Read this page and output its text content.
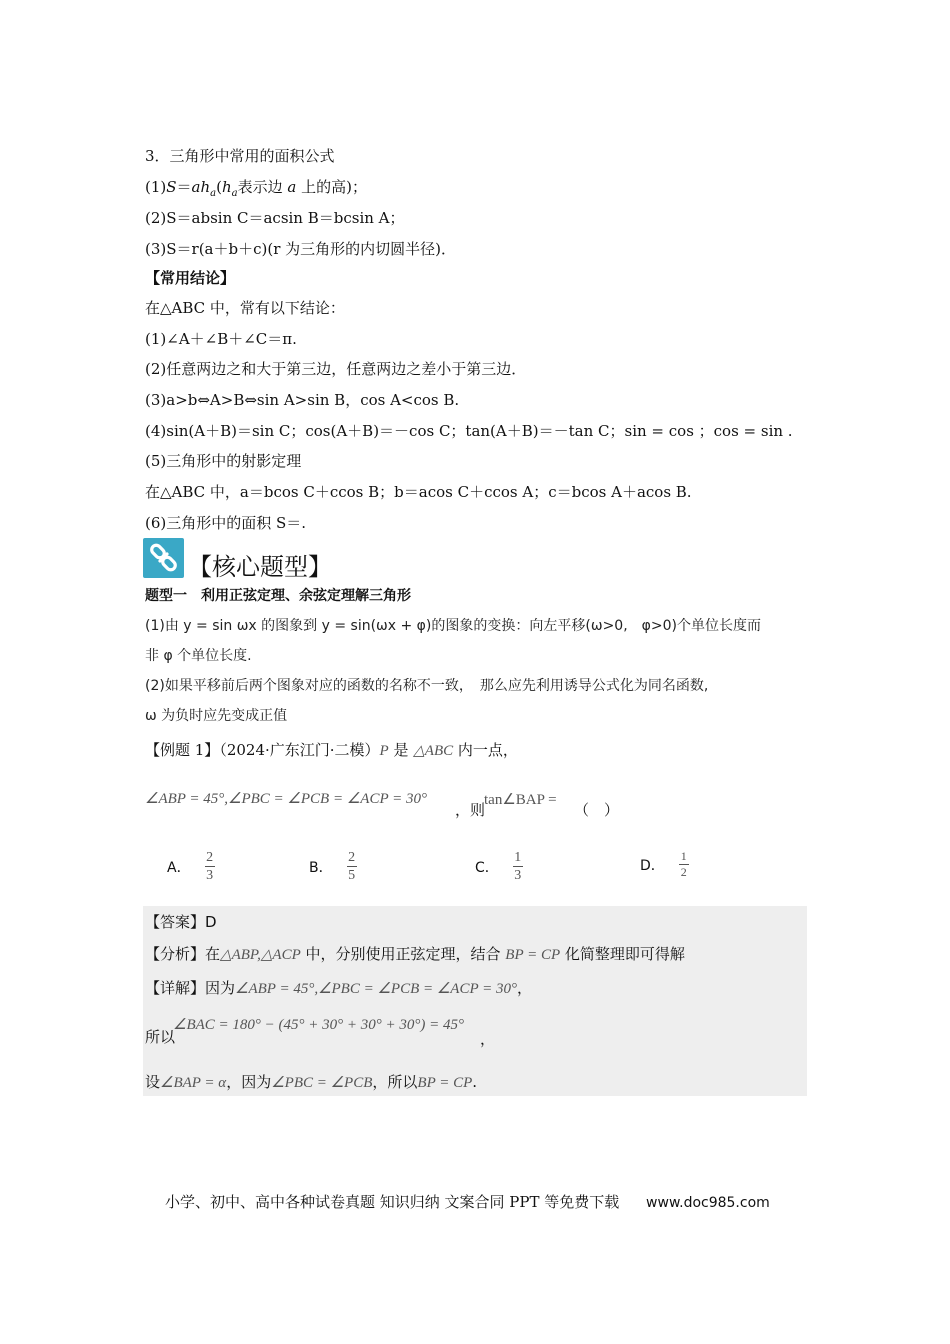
3．三角形中常用的面积公式
$(1)S=ah_a(h_a$表示边 a 上的高)；
(2)S＝absin C＝acsin B＝bcsin A；
(3)S＝r(a＋b＋c)(r 为三角形的内切圆半径)．
【常用结论】
在△ABC 中，常有以下结论：
(1)∠A＋∠B＋∠C＝π.
(2)任意两边之和大于第三边，任意两边之差小于第三边．
(3)a>b⇔A>B⇔sin A>sin B，cos A<cos B.
(4)sin(A＋B)＝sin C；cos(A＋B)＝－cos C；tan(A＋B)＝－tan C；sin = cos ；cos = sin .
(5)三角形中的射影定理
在△ABC 中，a＝bcos C＋ccos B；b＝acos C＋ccos A；c＝bcos A＋acos B.
(6)三角形中的面积 S＝.
【核心题型】
题型一　利用正弦定理、余弦定理解三角形
(1)由 y = sin ωx 的图象到 y = sin(ωx + φ)的图象的变换：向左平移(ω>0,　φ>0)个单位长度而
非 φ 个单位长度.
(2)如果平移前后两个图象对应的函数的名称不一致，　那么应先利用诱导公式化为同名函数,
ω 为负时应先变成正值
【例题 1】（2024·广东江门·二模）P 是 △ABC 内一点，
∠ABP = 45°,∠PBC = ∠PCB = ∠ACP = 30°
，则
tan∠BAP =
（　）
A． $\frac{2}{3}$	B． $\frac{2}{5}$	C． $\frac{1}{3}$	D． $\frac{1}{2}$
【答案】D
【分析】在△ABP,△ACP 中，分别使用正弦定理，结合 BP = CP 化简整理即可得解
【详解】因为∠ABP = 45°,∠PBC = ∠PCB = ∠ACP = 30°，
∠BAC = 180° − (45° + 30° + 30° + 30°) = 45°
所以	，
设∠BAP = α，因为∠PBC = ∠PCB，所以BP = CP.
小学、初中、高中各种试卷真题 知识归纳 文案合同 PPT 等免费下载 www.doc985.com
